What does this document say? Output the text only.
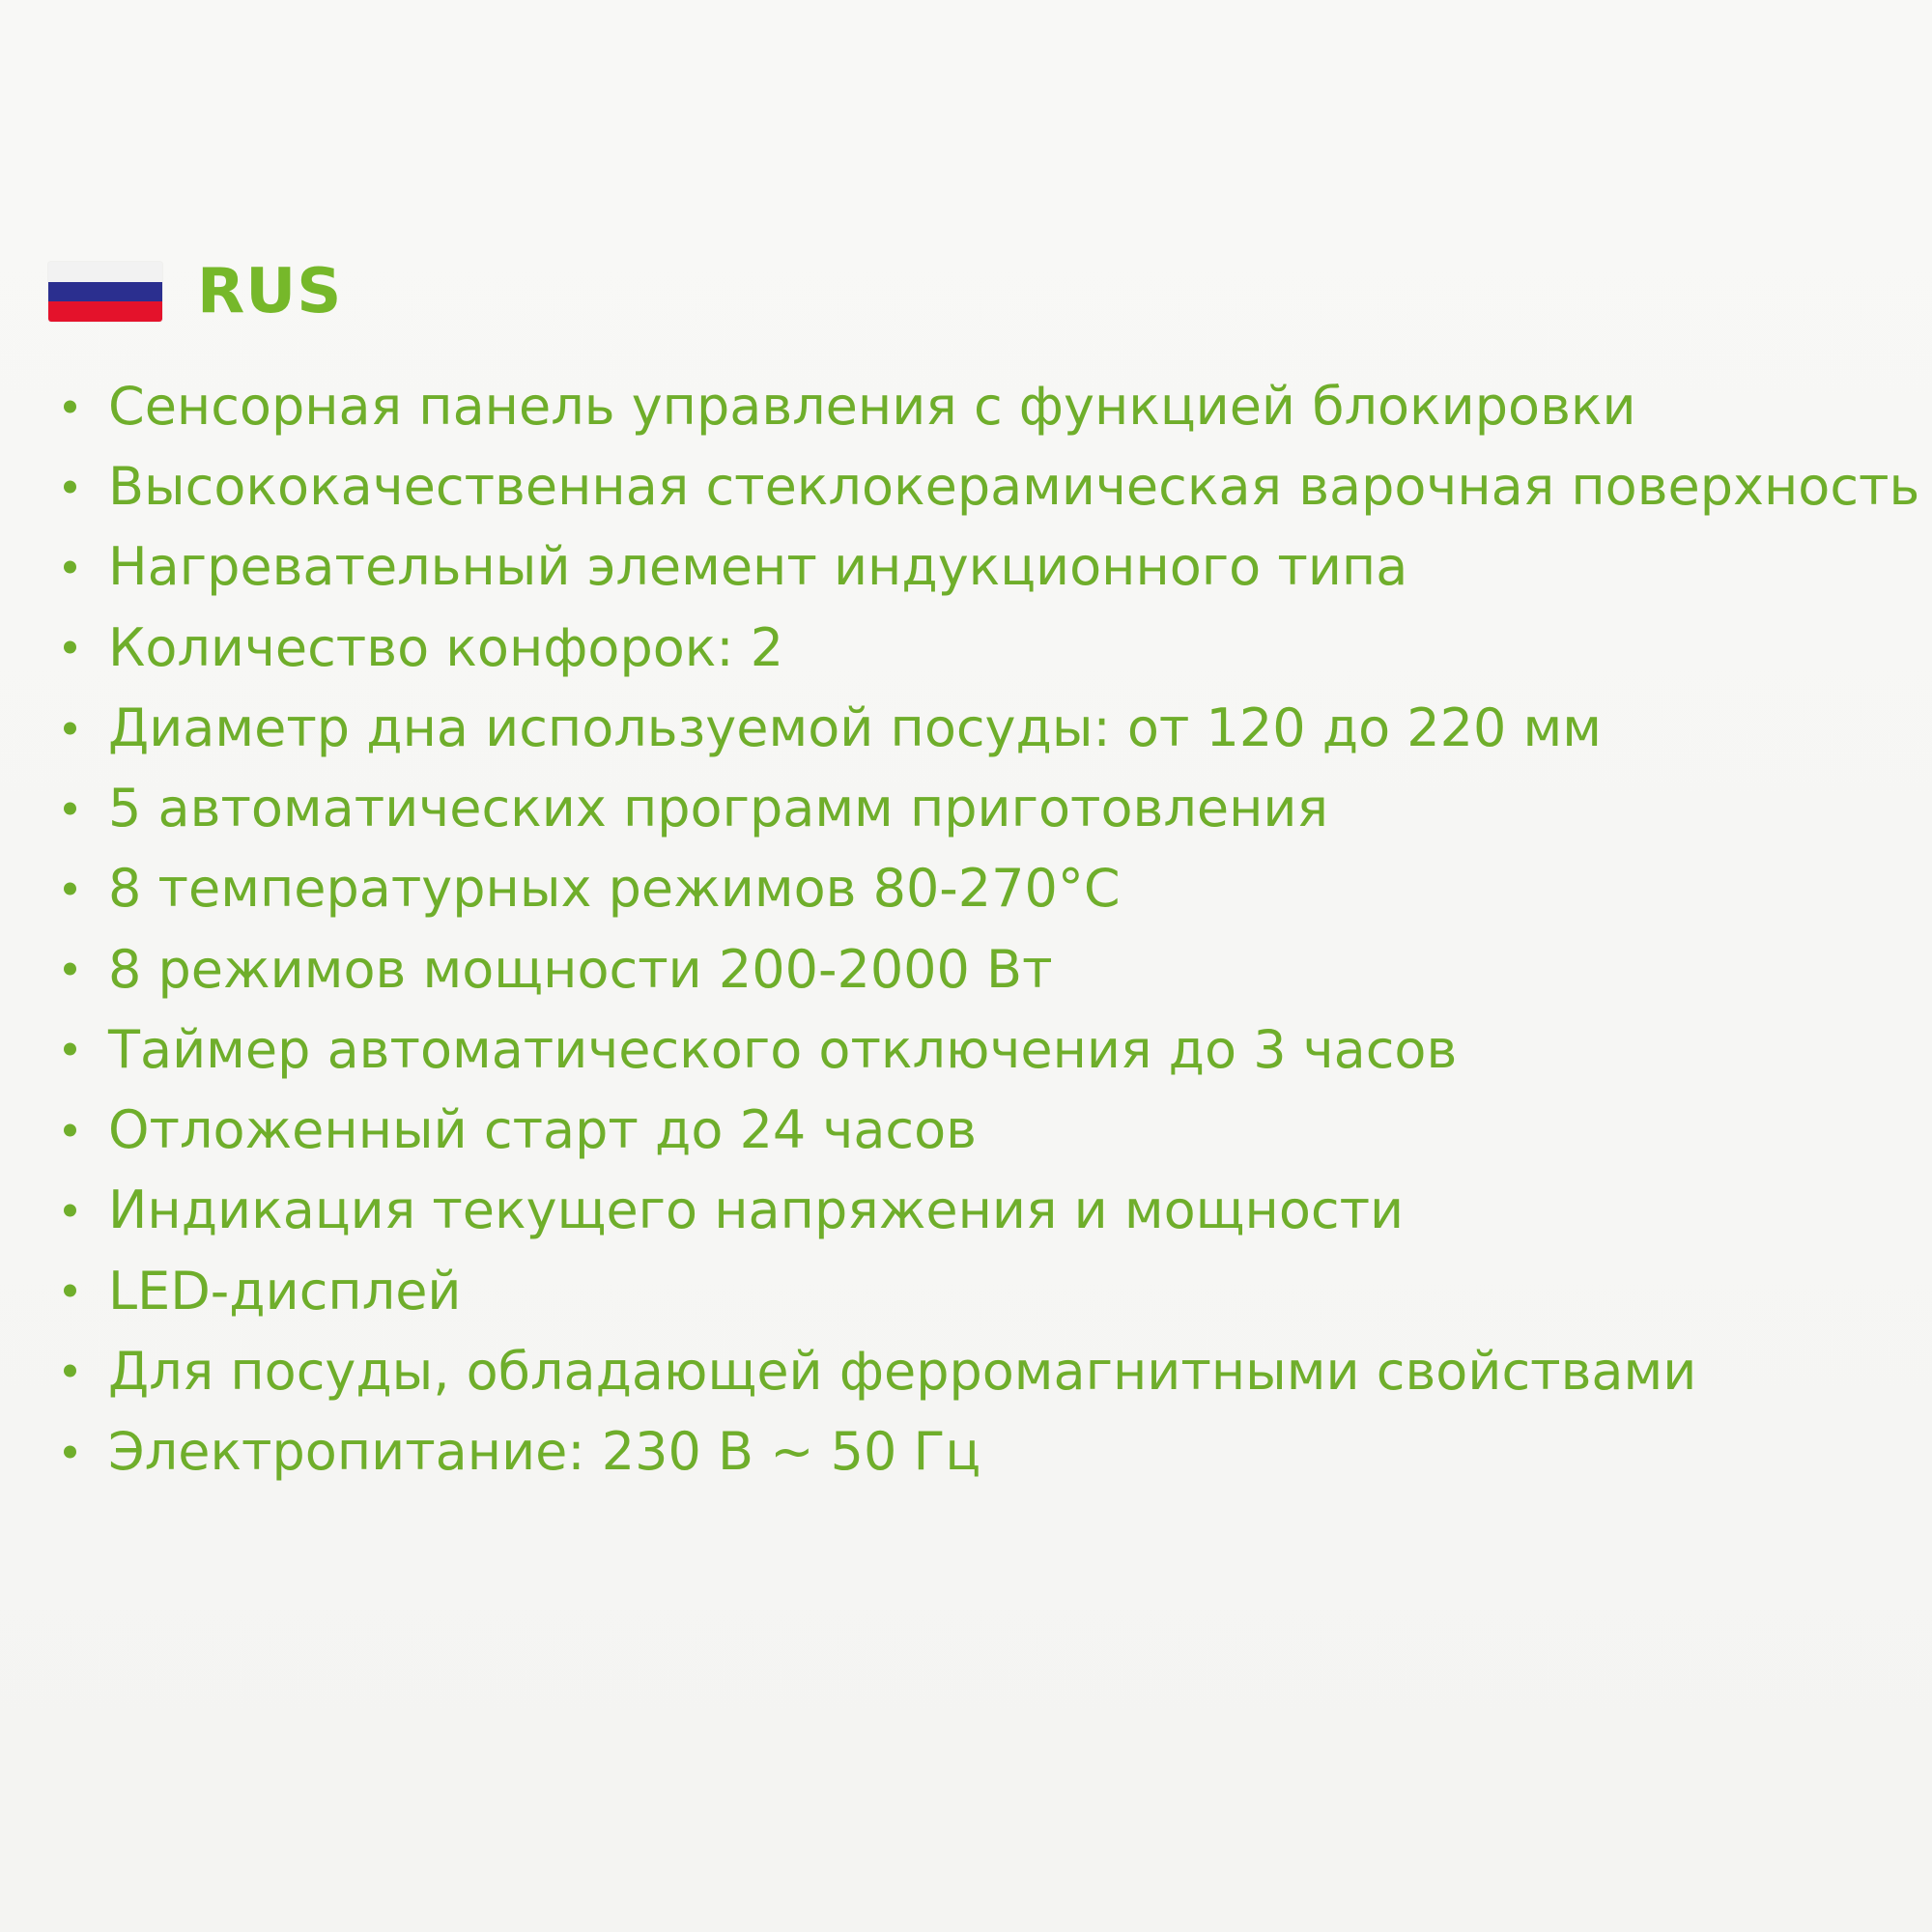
RUS
Сенсорная панель управления с функцией блокировки
Высококачественная стеклокерамическая варочная поверхность
Нагревательный элемент индукционного типа
Количество конфорок: 2
Диаметр дна используемой посуды: от 120 до 220 мм
5 автоматических программ приготовления
8 температурных режимов 80-270°C
8 режимов мощности 200-2000 Вт
Таймер автоматического отключения до 3 часов
Отложенный старт до 24 часов
Индикация текущего напряжения и мощности
LED-дисплей
Для посуды, обладающей ферромагнитными свойствами
Электропитание: 230 В ~ 50 Гц
